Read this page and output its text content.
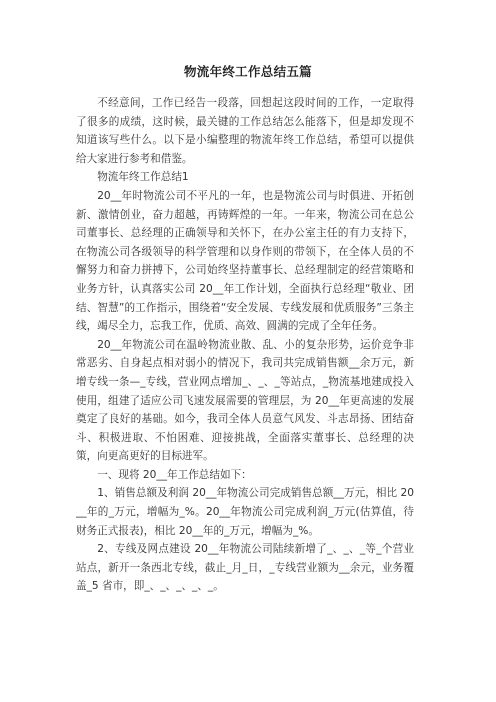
物流年终工作总结五篇

不经意间，工作已经告一段落，回想起这段时间的工作，一定取得了很多的成绩，这时候，最关键的工作总结怎么能落下，但是却发现不知道该写些什么。以下是小编整理的物流年终工作总结，希望可以提供给大家进行参考和借鉴。

物流年终工作总结1

20__年时物流公司不平凡的一年，也是物流公司与时俱进、开拓创新、激情创业，奋力超越，再铸辉煌的一年。一年来，物流公司在总公司董事长、总经理的正确领导和关怀下，在办公室主任的有力支持下，在物流公司各级领导的科学管理和以身作则的带领下，在全体人员的不懈努力和奋力拼搏下，公司始终坚持董事长、总经理制定的经营策略和业务方针，认真落实公司 20__年工作计划，全面执行总经理“敬业、团结、智慧”的工作指示，围绕着“安全发展、专线发展和优质服务”三条主线，竭尽全力，忘我工作，优质、高效、圆满的完成了全年任务。

20__年物流公司在温岭物流业散、乱、小的复杂形势，运价竞争非常恶劣、自身起点相对弱小的情况下，我司共完成销售额__余万元，新增专线一条—_专线，营业网点增加_、_、_等站点，_物流基地建成投入使用，组建了适应公司飞速发展需要的管理层，为 20__年更高速的发展奠定了良好的基础。如今，我司全体人员意气风发、斗志昂扬、团结奋斗、积极进取、不怕困难、迎接挑战，全面落实董事长、总经理的决策，向更高更好的目标进军。

一、现将 20__年工作总结如下：

1、销售总额及利润 20__年物流公司完成销售总额__万元，相比 20__年的_万元，增幅为_%。20__年物流公司完成利润_万元(估算值，待财务正式报表)，相比 20__年的_万元，增幅为_%。

2、专线及网点建设 20__年物流公司陆续新增了_、_、_等_个营业站点，新开一条西北专线，截止_月_日，_专线营业额为__余元，业务覆盖_5 省市，即_、_、_、_、_。
